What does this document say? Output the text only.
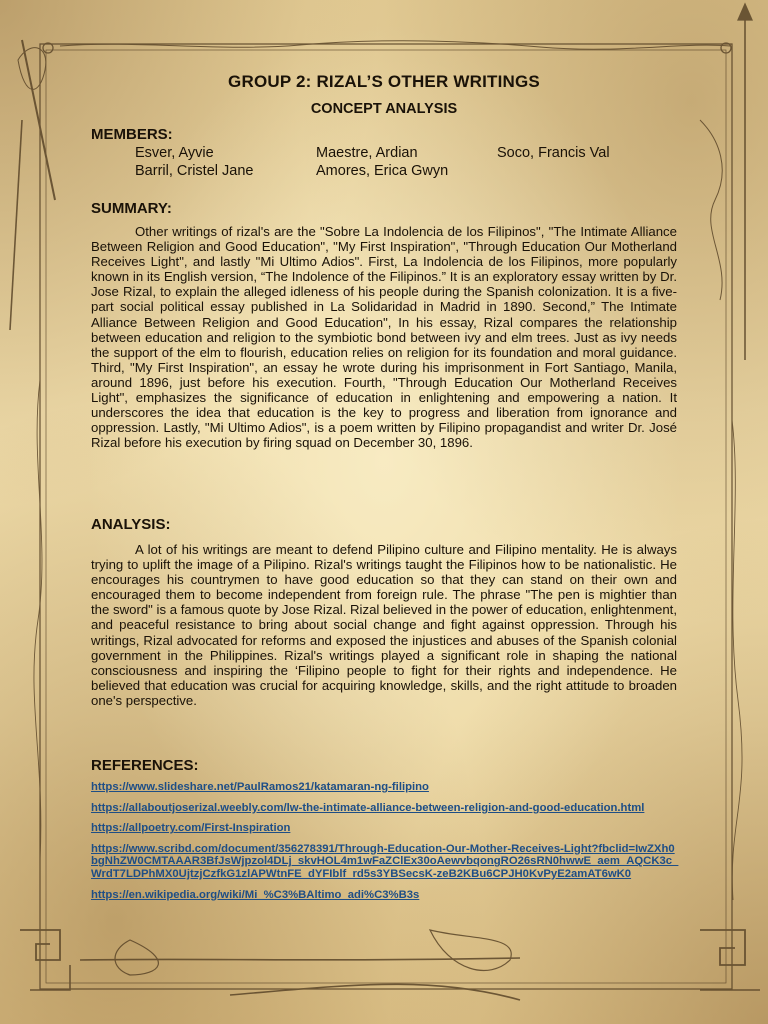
GROUP 2: RIZAL’S OTHER WRITINGS
CONCEPT ANALYSIS
MEMBERS:
Esver, Ayvie	Maestre, Ardian	Soco, Francis Val
Barril, Cristel Jane	Amores, Erica Gwyn
SUMMARY:

Other writings of rizal's are the "Sobre La Indolencia de los Filipinos", "The Intimate Alliance Between Religion and Good Education", "My First Inspiration", "Through Education Our Motherland Receives Light", and lastly "Mi Ultimo Adios". First, La Indolencia de los Filipinos, more popularly known in its English version, “The Indolence of the Filipinos.” It is an exploratory essay written by Dr. Jose Rizal, to explain the alleged idleness of his people during the Spanish colonization. It is a five-part social political essay published in La Solidaridad in Madrid in 1890. Second,” The Intimate Alliance Between Religion and Good Education", In his essay, Rizal compares the relationship between education and religion to the symbiotic bond between ivy and elm trees. Just as ivy needs the support of the elm to flourish, education relies on religion for its foundation and moral guidance. Third, "My First Inspiration", an essay he wrote during his imprisonment in Fort Santiago, Manila, around 1896, just before his execution. Fourth, "Through Education Our Motherland Receives Light", emphasizes the significance of education in enlightening and empowering a nation. It underscores the idea that education is the key to progress and liberation from ignorance and oppression. Lastly, "Mi Ultimo Adios", is a poem written by Filipino propagandist and writer Dr. José Rizal before his execution by firing squad on December 30, 1896.

ANALYSIS:

A lot of his writings are meant to defend Pilipino culture and Filipino mentality. He is always trying to uplift the image of a Pilipino. Rizal's writings taught the Filipinos how to be nationalistic. He encourages his countrymen to have good education so that they can stand on their own and encouraged them to become independent from foreign rule. The phrase "The pen is mightier than the sword" is a famous quote by Jose Rizal. Rizal believed in the power of education, enlightenment, and peaceful resistance to bring about social change and fight against oppression. Through his writings, Rizal advocated for reforms and exposed the injustices and abuses of the Spanish colonial government in the Philippines. Rizal's writings played a significant role in shaping the national consciousness and inspiring the ‘Filipino people to fight for their rights and independence. He believed that education was crucial for acquiring knowledge, skills, and the right attitude to broaden one's perspective.

REFERENCES:
https://www.slideshare.net/PaulRamos21/katamaran-ng-filipino
https://allaboutjoserizal.weebly.com/lw-the-intimate-alliance-between-religion-and-good-education.html
https://allpoetry.com/First-Inspiration
https://www.scribd.com/document/356278391/Through-Education-Our-Mother-Receives-Light?fbclid=IwZXh0bgNhZW0CMTAAAR3BfJsWjpzol4DLj_skvHOL4m1wFaZClEx30oAewvbqongRO26sRN0hwwE_aem_AQCK3c_WrdT7LDPhMX0UjtzjCzfkG1zlAPWtnFE_dYFIblf_rd5s3YBSecsK-zeB2KBu6CPJH0KvPyE2amAT6wK0
https://en.wikipedia.org/wiki/Mi_%C3%BAltimo_adi%C3%B3s
